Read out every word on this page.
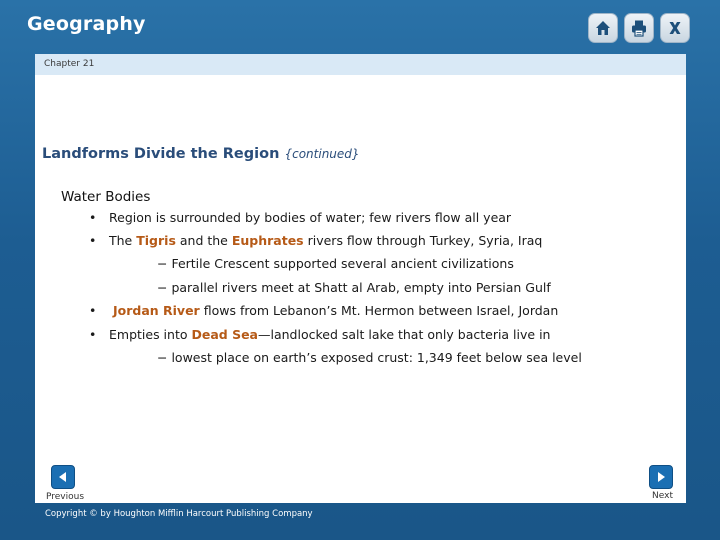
Geography
Chapter 21
Landforms Divide the Region {continued}
Water Bodies
• Region is surrounded by bodies of water; few rivers flow all year
• The Tigris and the Euphrates rivers flow through Turkey, Syria, Iraq
− Fertile Crescent supported several ancient civilizations
− parallel rivers meet at Shatt al Arab, empty into Persian Gulf
• Jordan River flows from Lebanon’s Mt. Hermon between Israel, Jordan
• Empties into Dead Sea—landlocked salt lake that only bacteria live in
− lowest place on earth’s exposed crust: 1,349 feet below sea level
Previous	Next
Copyright © by Houghton Mifflin Harcourt Publishing Company
